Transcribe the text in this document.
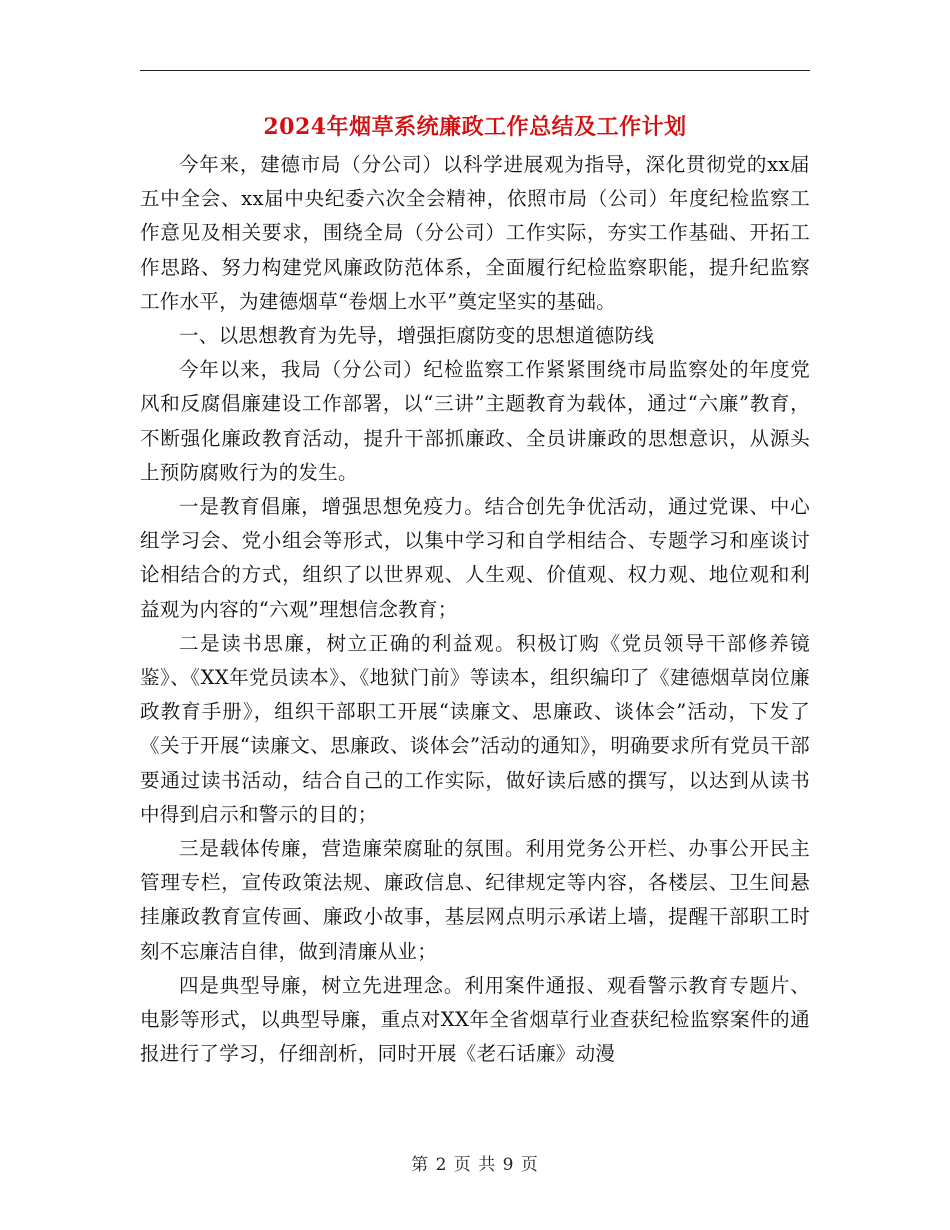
2024年烟草系统廉政工作总结及工作计划

今年来，建德市局（分公司）以科学进展观为指导，深化贯彻党的xx届五中全会、xx届中央纪委六次全会精神，依照市局（公司）年度纪检监察工作意见及相关要求，围绕全局（分公司）工作实际，夯实工作基础、开拓工作思路、努力构建党风廉政防范体系，全面履行纪检监察职能，提升纪监察工作水平，为建德烟草“卷烟上水平”奠定坚实的基础。

一、以思想教育为先导，增强拒腐防变的思想道德防线

今年以来，我局（分公司）纪检监察工作紧紧围绕市局监察处的年度党风和反腐倡廉建设工作部署，以“三讲”主题教育为载体，通过“六廉”教育，不断强化廉政教育活动，提升干部抓廉政、全员讲廉政的思想意识，从源头上预防腐败行为的发生。

一是教育倡廉，增强思想免疫力。结合创先争优活动，通过党课、中心组学习会、党小组会等形式，以集中学习和自学相结合、专题学习和座谈讨论相结合的方式，组织了以世界观、人生观、价值观、权力观、地位观和利益观为内容的“六观”理想信念教育；

二是读书思廉，树立正确的利益观。积极订购《党员领导干部修养镜鉴》、《XX年党员读本》、《地狱门前》等读本，组织编印了《建德烟草岗位廉政教育手册》，组织干部职工开展“读廉文、思廉政、谈体会”活动，下发了《关于开展“读廉文、思廉政、谈体会”活动的通知》，明确要求所有党员干部要通过读书活动，结合自己的工作实际，做好读后感的撰写，以达到从读书中得到启示和警示的目的；

三是载体传廉，营造廉荣腐耻的氛围。利用党务公开栏、办事公开民主管理专栏，宣传政策法规、廉政信息、纪律规定等内容，各楼层、卫生间悬挂廉政教育宣传画、廉政小故事，基层网点明示承诺上墙，提醒干部职工时刻不忘廉洁自律，做到清廉从业；

四是典型导廉，树立先进理念。利用案件通报、观看警示教育专题片、电影等形式，以典型导廉，重点对XX年全省烟草行业查获纪检监察案件的通报进行了学习，仔细剖析，同时开展《老石话廉》动漫

第 2 页 共 9 页
